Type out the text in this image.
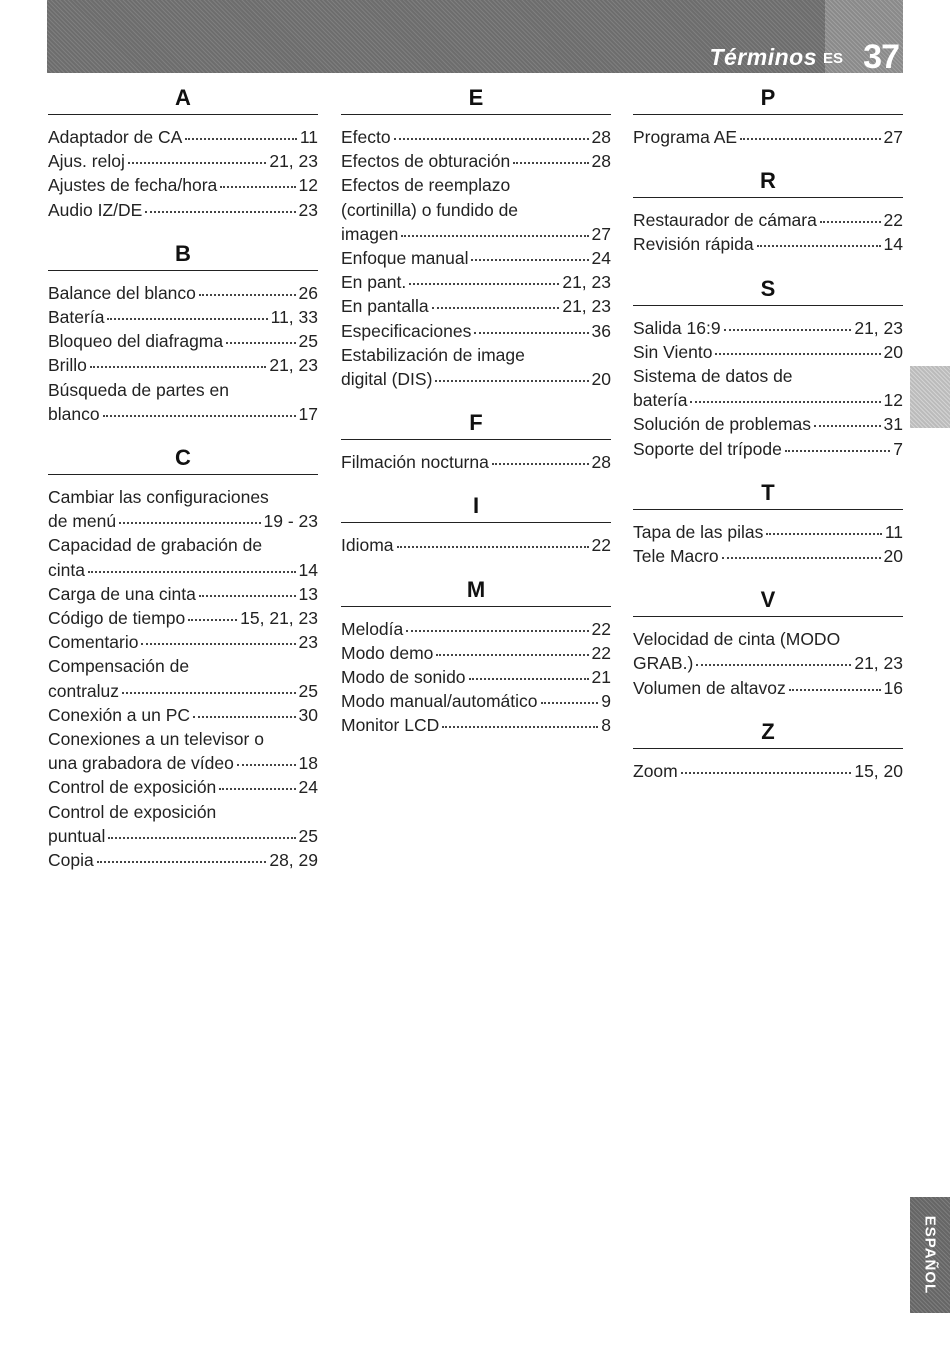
Términos ES 37
A
Adaptador de CA	11
Ajus. reloj	21, 23
Ajustes de fecha/hora	12
Audio IZ/DE	23
B
Balance del blanco	26
Batería	11, 33
Bloqueo del diafragma	25
Brillo	21, 23
Búsqueda de partes en
blanco	17
C
Cambiar las configuraciones
de menú	19 - 23
Capacidad de grabación de
cinta	14
Carga de una cinta	13
Código de tiempo	15, 21, 23
Comentario	23
Compensación de
contraluz	25
Conexión a un PC	30
Conexiones a un televisor o
una grabadora de vídeo	18
Control de exposición	24
Control de exposición
puntual	25
Copia	28, 29
E
Efecto	28
Efectos de obturación	28
Efectos de reemplazo
(cortinilla) o fundido de
imagen	27
Enfoque manual	24
En pant.	21, 23
En pantalla	21, 23
Especificaciones	36
Estabilización de image
digital (DIS)	20
F
Filmación nocturna	28
I
Idioma	22
M
Melodía	22
Modo demo	22
Modo de sonido	21
Modo manual/automático	9
Monitor LCD	8
P
Programa AE	27
R
Restaurador de cámara	22
Revisión rápida	14
S
Salida 16:9	21, 23
Sin Viento	20
Sistema de datos de
batería	12
Solución de problemas	31
Soporte del trípode	7
T
Tapa de las pilas	11
Tele Macro	20
V
Velocidad de cinta (MODO
GRAB.)	21, 23
Volumen de altavoz	16
Z
Zoom	15, 20
ESPAÑOL
